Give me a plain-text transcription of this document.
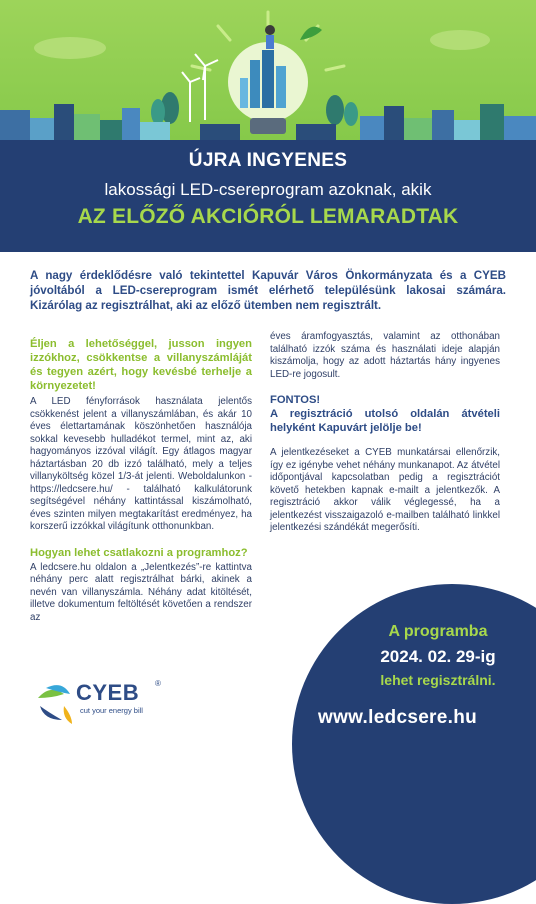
ÚJRA INGYENES
lakossági LED-csereprogram azoknak, akik
AZ ELŐZŐ AKCIÓRÓL LEMARADTAK
A nagy érdeklődésre való tekintettel Kapuvár Város Önkormányzata és a CYEB jóvoltából a LED-csereprogram ismét elérhető településünk lakosai számára. Kizárólag az regisztrálhat, aki az előző ütemben nem regisztrált.
Éljen a lehetőséggel, jusson ingyen izzókhoz, csökkentse a villanyszámláját és tegyen azért, hogy kevésbé terhelje a környezetet!
A LED fényforrások használata jelentős csökkenést jelent a villanyszámlában, és akár 10 éves élettartamának köszönhetően használója sokkal kevesebb hulladékot termel, mint az, aki hagyományos izzóval világít. Egy átlagos magyar háztartásban 20 db izzó található, mely a teljes villanyköltség közel 1/3-át jelenti. Weboldalunkon - https://ledcsere.hu/ - található kalkulátorunk segítségével néhány kattintással kiszámolható, éves szinten milyen megtakarítást eredményez, ha korszerű izzókkal világítunk otthonunkban.
Hogyan lehet csatlakozni a programhoz?
A ledcsere.hu oldalon a „Jelentkezés”-re kattintva néhány perc alatt regisztrálhat bárki, akinek a nevén van villanyszámla. Néhány adat kitöltését, illetve dokumentum feltöltését követően a rendszer az
éves áramfogyasztás, valamint az otthonában található izzók száma és használati ideje alapján kiszámolja, hogy az adott háztartás hány ingyenes LED-re jogosult.
FONTOS!
A regisztráció utolsó oldalán átvételi helyként Kapuvárt jelölje be!
A jelentkezéseket a CYEB munkatársai ellenőrzik, így ez igénybe vehet néhány munkanapot. Az átvétel időpontjával kapcsolatban pedig a regisztrációt követő hetekben kapnak e-mailt a jelentkezők. A regisztráció akkor válik véglegessé, ha a jelentkezést visszaigazoló e-mailben található linkkel jelentkezési szándékát megerősíti.
A programba
2024. 02. 29-ig
lehet regisztrálni.
www.ledcsere.hu
CYEB ®
cut your energy bill
